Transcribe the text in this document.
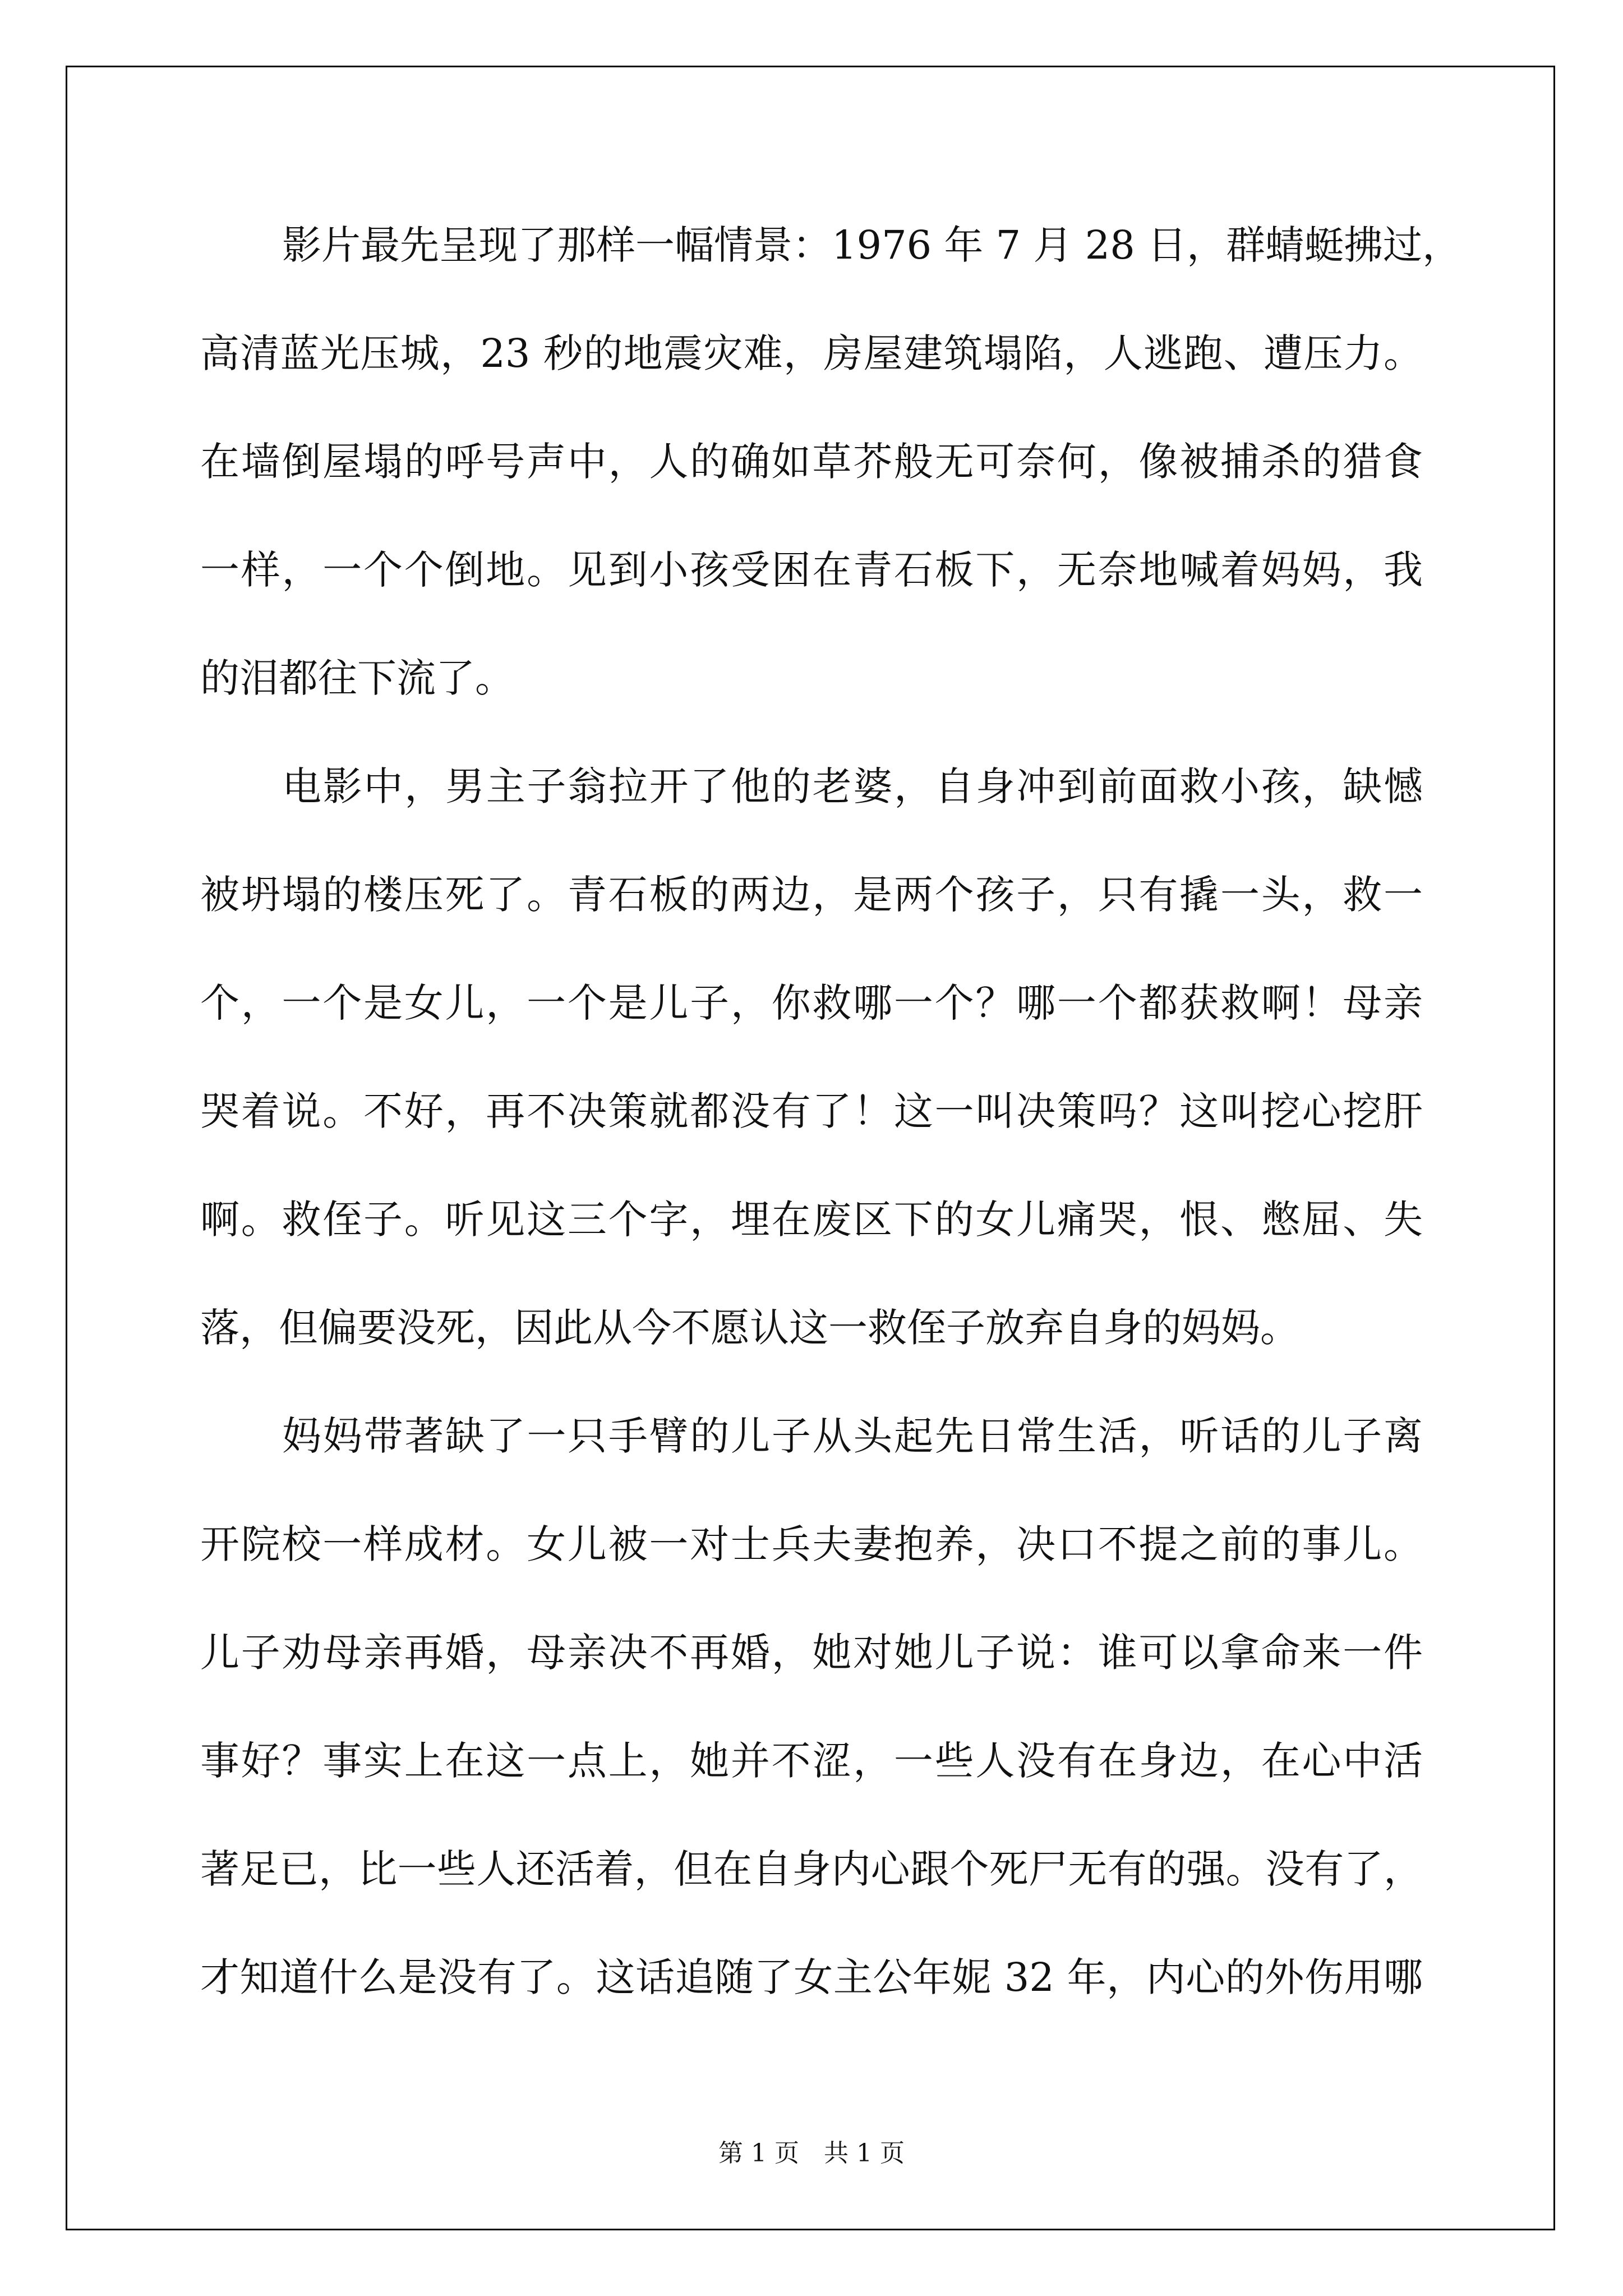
影片最先呈现了那样一幅情景：1976 年 7 月 28 日，群蜻蜓拂过，
高清蓝光压城，23 秒的地震灾难，房屋建筑塌陷，人逃跑、遭压力。
在墙倒屋塌的呼号声中，人的确如草芥般无可奈何，像被捕杀的猎食
一样，一个个倒地。见到小孩受困在青石板下，无奈地喊着妈妈，我
的泪都往下流了。
电影中，男主子翁拉开了他的老婆，自身冲到前面救小孩，缺憾
被坍塌的楼压死了。青石板的两边，是两个孩子，只有撬一头，救一
个，一个是女儿，一个是儿子，你救哪一个？哪一个都获救啊！母亲
哭着说。不好，再不决策就都没有了！这一叫决策吗？这叫挖心挖肝
啊。救侄子。听见这三个字，埋在废区下的女儿痛哭，恨、憋屈、失
落，但偏要没死，因此从今不愿认这一救侄子放弃自身的妈妈。
妈妈带著缺了一只手臂的儿子从头起先日常生活，听话的儿子离
开院校一样成材。女儿被一对士兵夫妻抱养，决口不提之前的事儿。
儿子劝母亲再婚，母亲决不再婚，她对她儿子说：谁可以拿命来一件
事好？事实上在这一点上，她并不涩，一些人没有在身边，在心中活
著足已，比一些人还活着，但在自身内心跟个死尸无有的强。没有了，
才知道什么是没有了。这话追随了女主公年妮 32 年，内心的外伤用哪
第 1 页 共 1 页
